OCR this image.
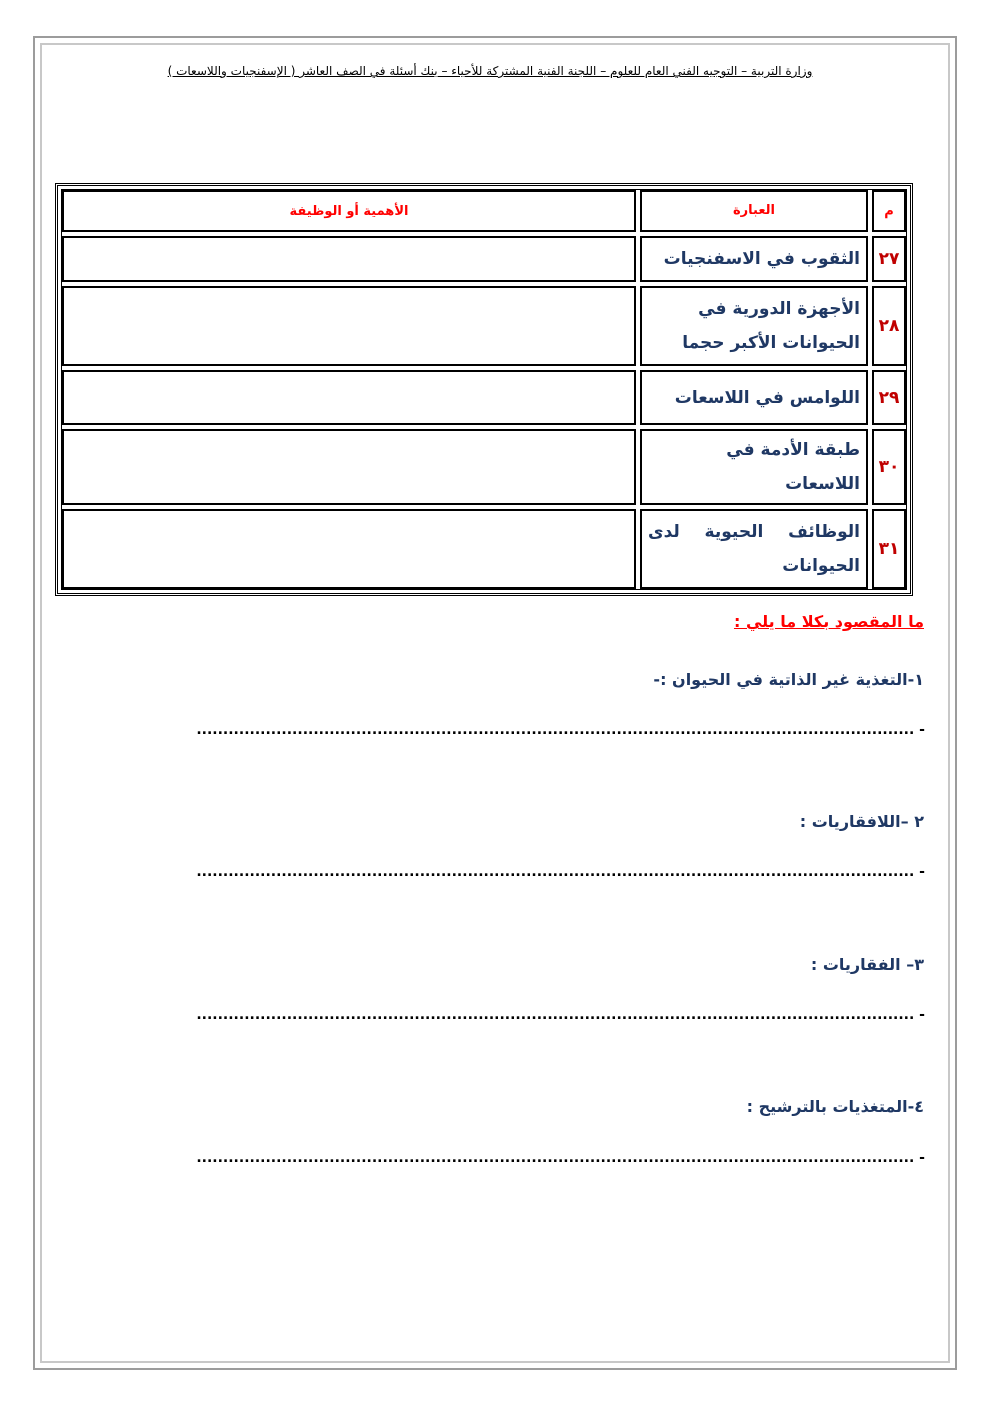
وزارة التربية – التوجيه الفني العام للعلوم – اللجنة الفنية المشتركة للأحياء – بنك أسئلة في الصف العاشر ( الإسفنجيات واللاسعات )
م	العبارة	الأهمية أو الوظيفة
٢٧	الثقوب في الاسفنجيات	
٢٨	الأجهزة الدورية في الحيوانات الأكبر حجما	
٢٩	اللوامس في اللاسعات	
٣٠	طبقة الأدمة في اللاسعات	
٣١	الوظائف الحيوية لدى الحيوانات	
ما المقصود بكلا ما يلي :
١-التغذية غير الذاتية في الحيوان :-
- .......................................................................................................................................
٢ –اللافقاريات :
- .......................................................................................................................................
٣– الفقاريات :
- .......................................................................................................................................
٤-المتغذيات بالترشيح :
- .......................................................................................................................................
